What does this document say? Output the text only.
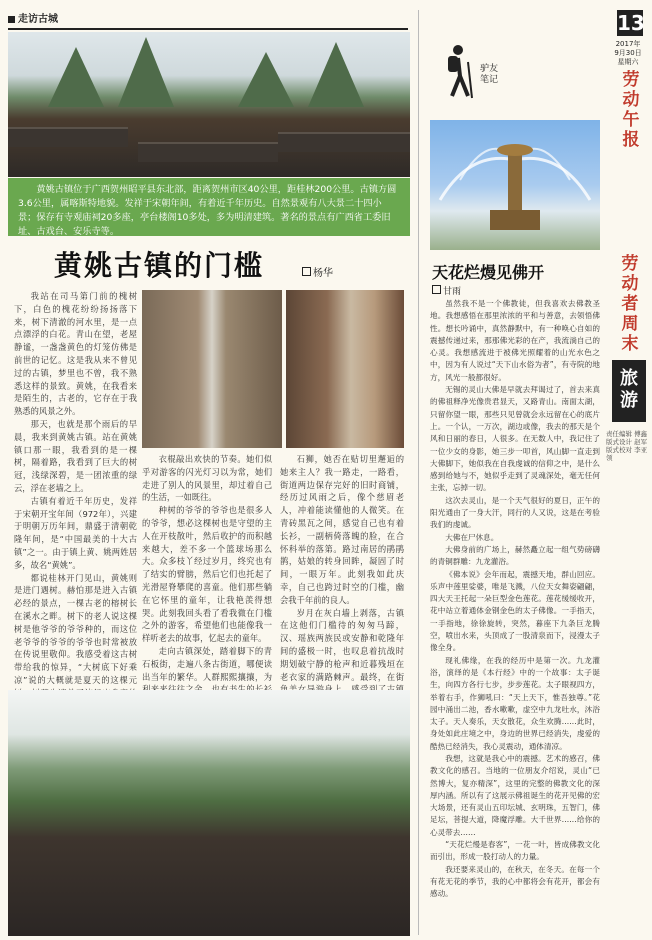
走访古城
黄姚古镇位于广西贺州昭平县东北部，距离贺州市区40公里，距桂林200公里。古镇方圆3.6公里，属喀斯特地貌。发祥于宋朝年间，有着近千年历史。自然景观有八大景二十四小景；保存有寺观庙祠20多座，亭台楼阁10多处，多为明清建筑。著名的景点有广西省工委旧址、古戏台、安乐寺等。
黄姚古镇的门槛	杨华

我站在司马第门前的槐树下，白色的槐花纷纷扬扬落下来，树下清澈的河水里，是一点点漂浮的白花。青山在望，老屋静谧，一盏盏黄色的灯笼仿佛是前世的记忆。这是我从来不曾见过的古镇，梦里也不曾，我不熟悉这样的景致。黄姚，在我看来是陌生的，古老的，它存在于我熟悉的风景之外。

那天，也就是那个雨后的早晨，我来到黄姚古镇。站在黄姚镇口那一眼，我看到的是一棵树，隔着路，我看到了巨大的树冠，浅绿深碧，是一团浓重的绿云，浮在老墙之上。

古镇有着近千年历史，发祥于宋朝开宝年间（972年），兴建于明朝万历年间，鼎盛于清朝乾隆年间，是“中国最美的十大古镇”之一。由于镇上黄、姚两姓居多，故名“黄姚”。

都说桂林开门见山，黄姚则是进门遇树。赫怕那是进入古镇必经的景点，一棵古老的榕树长在溪水之畔。树下的老人说这棵树是他爷爷的爷爷种的，而这位老爷爷的爷爷的爷爷也时常被放在传说里敬仰。我感受着这古树带给我的惊异，“大树底下好乘凉”说的大概就是夏天的这棵元

衣棍敲出欢快的节奏。她们似乎对游客的闪光灯习以为常，她们走进了别人的风景里，却过着自己的生活，一如既往。

种树的爷爷的爷爷也是很多人的爷爷，想必这棵树也是守望的主人在开枝散叶，然后收护的而积越来越大，差不多一个篮球场那么大。众多枝丫经过岁月，终究也有了结实的臂膀，然后它们也托起了光滑屋脊攀爬的喜童。他们那些躺在它怀里的童年，让我艳羡得想哭。此刻我回头看了看我微在门槛之外的游客，希望他们也能像我一样听老去的故事，忆起去的童年。

走向古镇深处，踏着脚下的青石板街，走遍八条古街道，哪便读出当年的繁华。人群熙熙攘攘，为

石狮，她否在贴切里邂逅的她来主人？我一路走，一路看，街道两边保存完好的旧时商铺，经历过风雨之后，像个慈眉老人，冲着能读懂他的人微笑。在青砖黑瓦之间，感觉自己也有着长衫，一副柄倚落魄的脸，在合怀科举的落第。路过南居的鹃鹃鹊，姑娘的转身回眸，凝固了时间，一眼万年。此刻我如此庆幸，自己也跨过时空的门槛，幽会我千年前的良人。

岁月在灰白墙上剥落，古镇在这他们门槛待的匆匆马蹄，汉、瑶族两族民或安静和乾隆年间的盛极一时，也叹息着抗战时期划破宁静的枪声和近暮残垣在老衣家的满路棘声。最终，在街

驴友笔记
13
2017年
9月30日
星期六
劳动午报
天花烂熳见佛开
甘雨

虽然我不是一个佛教徒，但我喜欢去佛教圣地。我想感悟在那里浓浓的平和与善意，去领悟佛性。想长吟诵中，真然静默中，有一种唤心自如的震撼传递过来，那那佛光彩的在产，我流淌自己的心灵。我想感流进于被佛光照耀着的山光水色之中，因为有人说过“天下山水俗为者”，有寺院的地方，风光一般都很好。

无锡的灵山大佛是早就去拜谒过了，首去来真的佛祖释净光像贵君显天，又路青山。南面太湖，只留你望一眼，那些只见曾就会永远留在心的底片上。一个认，一万次，湖边或像，我去的那天是个风和日丽的春日，人很多。在无数人中，我记住了一位少女的身影，她三步一叩首，风山脚一直走到大佛脚下，她似我在自我虔诚的信仰之中，是什么感到给她与不，她似乎走到了灵魂深处，毫无任何主张，忘掉一切。

这次去灵山，是一个天气很好的夏日，正午的阳光通由了一身大汗，同行的人又说，这是在考验我们的虔诚。

大佛在尸休息。

大佛身前的广场上，赫然矗立起一组气势磅礴的青铜群雕：九龙灌浴。

《佛本说》会年而起，震撼天地，群山回应。乐声中莲里娑婆，唯是飞溅，八位天女舞姿翩翩，四大天王托起一朵巨型金色莲花。莲花缓缓收开，花中站立着通体金钢金色的太子佛像。一手指天，一手指地，徐徐旋转，突然，暮座下九条巨龙腾空，喷出水来，头顶成了一股清泉而下，浸漫太子像全身。

现礼佛缘，在我的经历中是第一次。九龙灌浴，演绎的是《本行经》中的一个故事：太子诞生，向四方各行七步，步步莲花。太子眼视四方，举着右手，作狮吼曰：“天上天下，惟吾独尊。”花园中涌出二池，香水嗽嗽，虚空中九龙吐水，沐浴太子。天人奏乐，天女散花，众生欢腾……此时，身处如此庄境之中，身边的世界已经消失，虔爱的酷热已经消失，我心灵震动，通体清凉。

我想，这就是我心中的震撼。艺术的感召，佛教文化的感召。当地的一位朋友介绍说，灵山“已然博大，复亦精深”，这里的完整的佛教文化的深厚内涵。所以有了这展示佛祖诞生的花开见佛的宏大场景，还有灵山五印坛城、玄明珠，五智门，佛足坛，菩提大道，降魔浮雕。大千世界……给你的心灵带去……

“天花烂熳是春客”，一花一叶，皆成佛教文化而引出，形成一股打动人的力量。

我还要来灵山的，在秋天，在冬天。在每一个有花无花的季节，我的心中都将会有花开，都会有感动。

劳动者周末
旅游
责任编辑 傅鑫
版式设计 赵军
版式校对 李亚领
